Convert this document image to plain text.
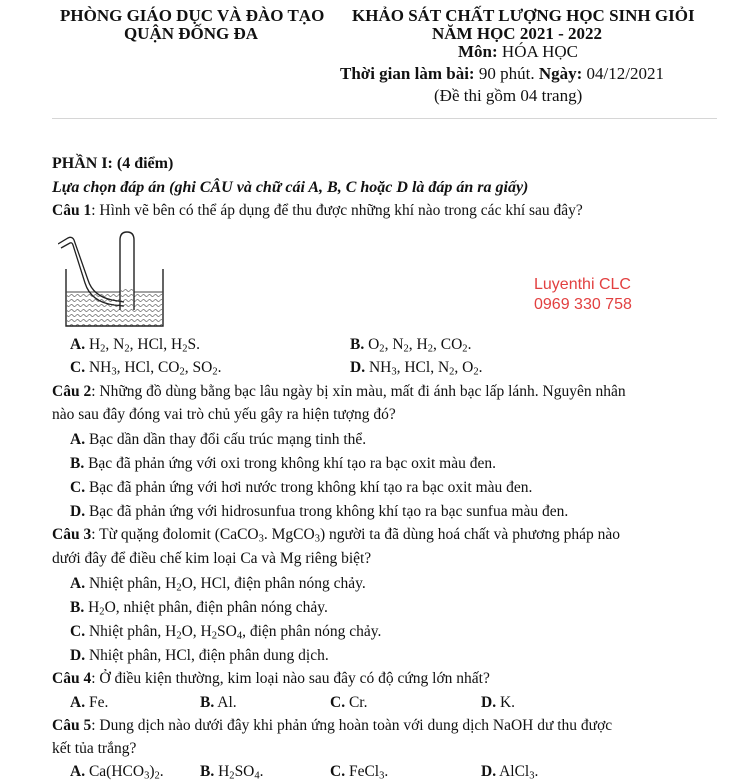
PHÒNG GIÁO DỤC VÀ ĐÀO TẠO
QUẬN ĐỐNG ĐA
KHẢO SÁT CHẤT LƯỢNG HỌC SINH GIỎI
NĂM HỌC 2021 - 2022
Môn: HÓA HỌC
Thời gian làm bài: 90 phút. Ngày: 04/12/2021
(Đề thi gồm 04 trang)
PHẦN I: (4 điểm)
Lựa chọn đáp án (ghi CÂU và chữ cái A, B, C hoặc D là đáp án ra giấy)
Câu 1: Hình vẽ bên có thể áp dụng để thu được những khí nào trong các khí sau đây?
Luyenthi CLC
0969 330 758
A. $H_2$, $N_2$, HCl, $H_2S$.	B. $O_2$, $N_2$, $H_2$, $CO_2$.
C. $NH_3$, HCl, $CO_2$, $SO_2$.	D. $NH_3$, HCl, $N_2$, $O_2$.
Câu 2: Những đồ dùng bằng bạc lâu ngày bị xỉn màu, mất đi ánh bạc lấp lánh. Nguyên nhân
nào sau đây đóng vai trò chủ yếu gây ra hiện tượng đó?
A. Bạc dần dần thay đổi cấu trúc mạng tinh thể.
B. Bạc đã phản ứng với oxi trong không khí tạo ra bạc oxit màu đen.
C. Bạc đã phản ứng với hơi nước trong không khí tạo ra bạc oxit màu đen.
D. Bạc đã phản ứng với hidrosunfua trong không khí tạo ra bạc sunfua màu đen.
Câu 3: Từ quặng đolomit (CaCO$_3$. MgCO$_3$) người ta đã dùng hoá chất và phương pháp nào
dưới đây để điều chế kim loại Ca và Mg riêng biệt?
A. Nhiệt phân, $H_2O$, HCl, điện phân nóng chảy.
B. $H_2O$, nhiệt phân, điện phân nóng chảy.
C. Nhiệt phân, $H_2O$, $H_2SO_4$, điện phân nóng chảy.
D. Nhiệt phân, HCl, điện phân dung dịch.
Câu 4: Ở điều kiện thường, kim loại nào sau đây có độ cứng lớn nhất?
A. Fe.	B. Al.	C. Cr.	D. K.
Câu 5: Dung dịch nào dưới đây khi phản ứng hoàn toàn với dung dịch NaOH dư thu được
kết tủa trắng?
A. $Ca(HCO_3)_2$. B. $H_2SO_4$.	C. FeCl$_3$.	D. AlCl$_3$.
